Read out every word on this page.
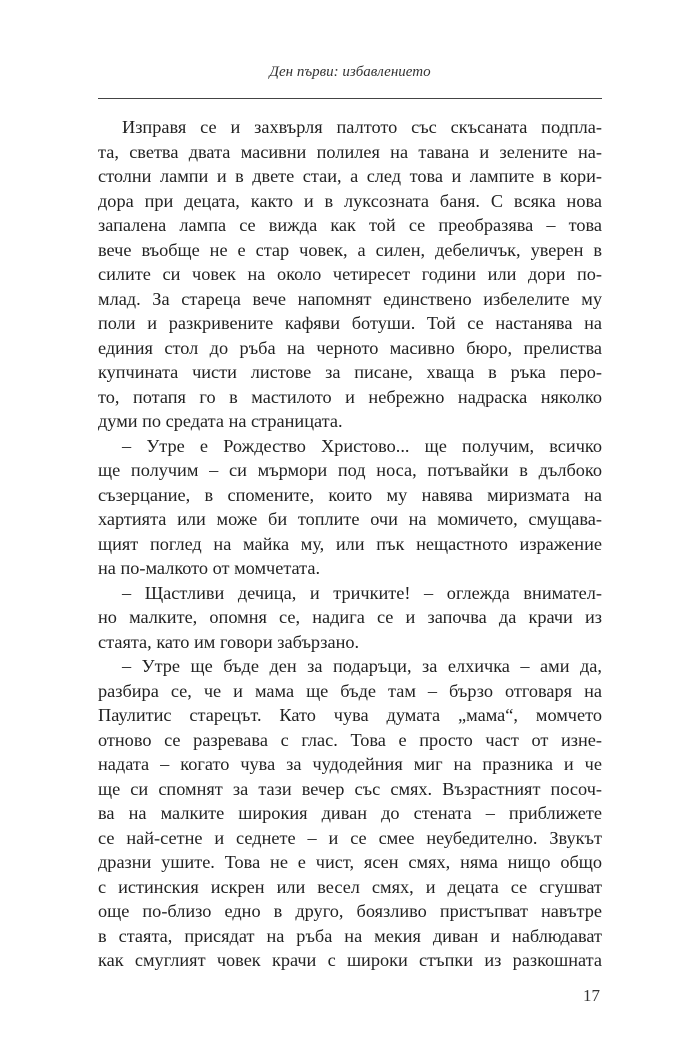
Ден първи: избавлението
Изправя се и захвърля палтото със скъсаната подпла-
та, светва двата масивни полилея на тавана и зелените на-
столни лампи и в двете стаи, а след това и лампите в кори-
дора при децата, както и в луксозната баня. С всяка нова
запалена лампа се вижда как той се преобразява – това
вече въобще не е стар човек, а силен, дебеличък, уверен в
силите си човек на около четиресет години или дори по-
млад. За стареца вече напомнят единствено избелелите му
поли и разкривените кафяви ботуши. Той се настанява на
единия стол до ръба на черното масивно бюро, прелиства
купчината чисти листове за писане, хваща в ръка перо-
то, потапя го в мастилото и небрежно надраска няколко
думи по средата на страницата.
– Утре е Рождество Христово... ще получим, всичко
ще получим – си мърмори под носа, потъвайки в дълбоко
съзерцание, в спомените, които му навява миризмата на
хартията или може би топлите очи на момичето, смущава-
щият поглед на майка му, или пък нещастното изражение
на по-малкото от момчетата.
– Щастливи дечица, и тричките! – оглежда внимател-
но малките, опомня се, надига се и започва да крачи из
стаята, като им говори забързано.
– Утре ще бъде ден за подаръци, за елхичка – ами да,
разбира се, че и мама ще бъде там – бързо отговаря на
Паулитис старецът. Като чува думата „мама“, момчето
отново се разревава с глас. Това е просто част от изне-
надата – когато чува за чудодейния миг на празника и че
ще си спомнят за тази вечер със смях. Възрастният посоч-
ва на малките широкия диван до стената – приближете
се най-сетне и седнете – и се смее неубедително. Звукът
дразни ушите. Това не е чист, ясен смях, няма нищо общо
с истинския искрен или весел смях, и децата се сгушват
още по-близо едно в друго, боязливо пристъпват навътре
в стаята, присядат на ръба на мекия диван и наблюдават
как смуглият човек крачи с широки стъпки из разкошната
17
